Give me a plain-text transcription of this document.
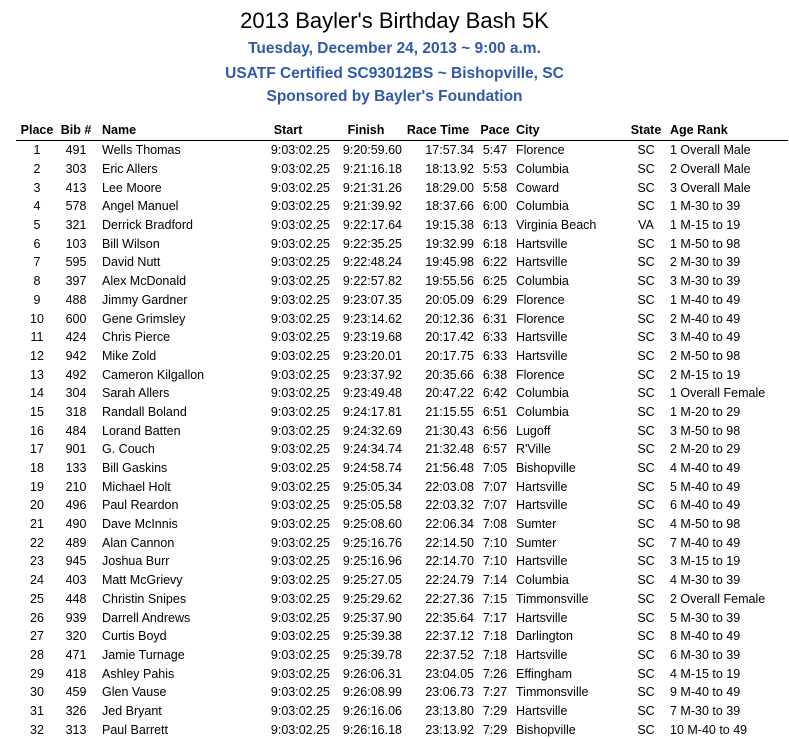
2013 Bayler's Birthday Bash 5K
Tuesday, December 24, 2013 ~ 9:00 a.m.
USATF Certified SC93012BS ~ Bishopville, SC
Sponsored by Bayler's Foundation
Place	Bib #	Name	Start	Finish	Race Time	Pace	City	State	Age Rank
1	491	Wells Thomas	9:03:02.25	9:20:59.60	17:57.34	5:47	Florence	SC	1 Overall Male
2	303	Eric Allers	9:03:02.25	9:21:16.18	18:13.92	5:53	Columbia	SC	2 Overall Male
3	413	Lee Moore	9:03:02.25	9:21:31.26	18:29.00	5:58	Coward	SC	3 Overall Male
4	578	Angel Manuel	9:03:02.25	9:21:39.92	18:37.66	6:00	Columbia	SC	1 M-30 to 39
5	321	Derrick Bradford	9:03:02.25	9:22:17.64	19:15.38	6:13	Virginia Beach	VA	1 M-15 to 19
6	103	Bill Wilson	9:03:02.25	9:22:35.25	19:32.99	6:18	Hartsville	SC	1 M-50 to 98
7	595	David Nutt	9:03:02.25	9:22:48.24	19:45.98	6:22	Hartsville	SC	2 M-30 to 39
8	397	Alex McDonald	9:03:02.25	9:22:57.82	19:55.56	6:25	Columbia	SC	3 M-30 to 39
9	488	Jimmy Gardner	9:03:02.25	9:23:07.35	20:05.09	6:29	Florence	SC	1 M-40 to 49
10	600	Gene Grimsley	9:03:02.25	9:23:14.62	20:12.36	6:31	Florence	SC	2 M-40 to 49
11	424	Chris Pierce	9:03:02.25	9:23:19.68	20:17.42	6:33	Hartsville	SC	3 M-40 to 49
12	942	Mike Zold	9:03:02.25	9:23:20.01	20:17.75	6:33	Hartsville	SC	2 M-50 to 98
13	492	Cameron Kilgallon	9:03:02.25	9:23:37.92	20:35.66	6:38	Florence	SC	2 M-15 to 19
14	304	Sarah Allers	9:03:02.25	9:23:49.48	20:47.22	6:42	Columbia	SC	1 Overall Female
15	318	Randall Boland	9:03:02.25	9:24:17.81	21:15.55	6:51	Columbia	SC	1 M-20 to 29
16	484	Lorand Batten	9:03:02.25	9:24:32.69	21:30.43	6:56	Lugoff	SC	3 M-50 to 98
17	901	G. Couch	9:03:02.25	9:24:34.74	21:32.48	6:57	R'Ville	SC	2 M-20 to 29
18	133	Bill Gaskins	9:03:02.25	9:24:58.74	21:56.48	7:05	Bishopville	SC	4 M-40 to 49
19	210	Michael Holt	9:03:02.25	9:25:05.34	22:03.08	7:07	Hartsville	SC	5 M-40 to 49
20	496	Paul Reardon	9:03:02.25	9:25:05.58	22:03.32	7:07	Hartsville	SC	6 M-40 to 49
21	490	Dave McInnis	9:03:02.25	9:25:08.60	22:06.34	7:08	Sumter	SC	4 M-50 to 98
22	489	Alan Cannon	9:03:02.25	9:25:16.76	22:14.50	7:10	Sumter	SC	7 M-40 to 49
23	945	Joshua Burr	9:03:02.25	9:25:16.96	22:14.70	7:10	Hartsville	SC	3 M-15 to 19
24	403	Matt McGrievy	9:03:02.25	9:25:27.05	22:24.79	7:14	Columbia	SC	4 M-30 to 39
25	448	Christin Snipes	9:03:02.25	9:25:29.62	22:27.36	7:15	Timmonsville	SC	2 Overall Female
26	939	Darrell Andrews	9:03:02.25	9:25:37.90	22:35.64	7:17	Hartsville	SC	5 M-30 to 39
27	320	Curtis Boyd	9:03:02.25	9:25:39.38	22:37.12	7:18	Darlington	SC	8 M-40 to 49
28	471	Jamie Turnage	9:03:02.25	9:25:39.78	22:37.52	7:18	Hartsville	SC	6 M-30 to 39
29	418	Ashley Pahis	9:03:02.25	9:26:06.31	23:04.05	7:26	Effingham	SC	4 M-15 to 19
30	459	Glen Vause	9:03:02.25	9:26:08.99	23:06.73	7:27	Timmonsville	SC	9 M-40 to 49
31	326	Jed Bryant	9:03:02.25	9:26:16.06	23:13.80	7:29	Hartsville	SC	7 M-30 to 39
32	313	Paul Barrett	9:03:02.25	9:26:16.18	23:13.92	7:29	Bishopville	SC	10 M-40 to 49
